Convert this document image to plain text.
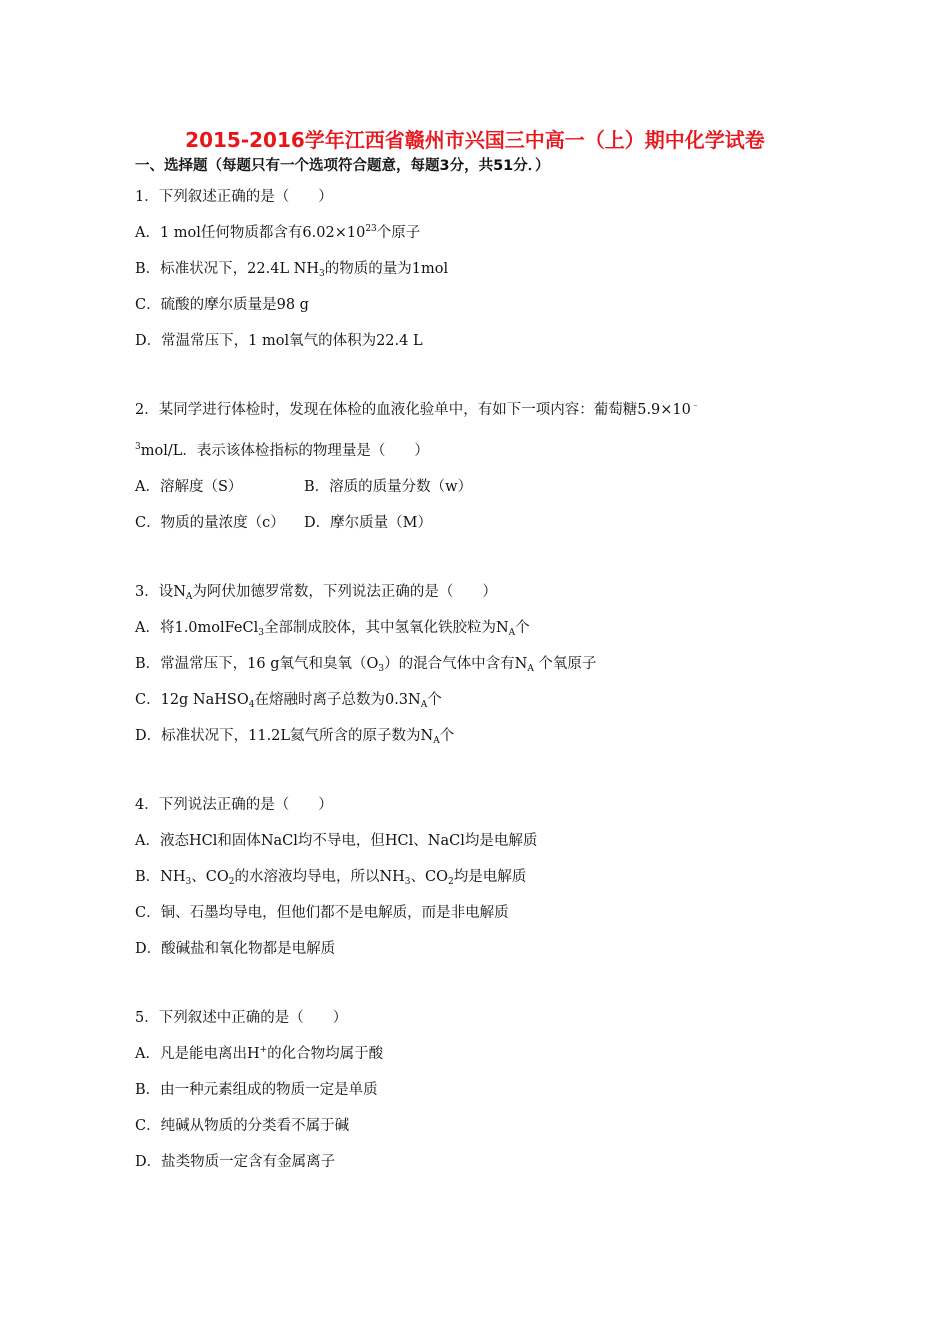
2015-2016学年江西省赣州市兴国三中高一（上）期中化学试卷

一、选择题（每题只有一个选项符合题意，每题3分，共51分．）

1．下列叙述正确的是（　　）

A．1 mol任何物质都含有$6.02\times 10^{23}$个原子

B．标准状况下，22.4L $NH_3$的物质的量为1mol

C．硫酸的摩尔质量是98 g

D．常温常压下，1 mol氧气的体积为22.4 L

2．某同学进行体检时，发现在体检的血液化验单中，有如下一项内容：葡萄糖5.9×10﹣

$^3$mol/L．表示该体检指标的物理量是（　　）

A．溶解度（S）	B．溶质的质量分数（w）

C．物质的量浓度（c） D．摩尔质量（M）

3．设$N_A$为阿伏加德罗常数，下列说法正确的是（　　）

A．将1.0molFeCl$_3$全部制成胶体，其中氢氧化铁胶粒为$N_A$个

B．常温常压下，16 g氧气和臭氧$(O_3)$的混合气体中含有$N_A$ 个氧原子

C．12g NaHSO$_4$在熔融时离子总数为$0.3N_A$个

D．标准状况下，11.2L氦气所含的原子数为$N_A$个

4．下列说法正确的是（　　）

A．液态HCl和固体NaCl均不导电，但HCl、NaCl均是电解质

B．$NH_3$、$CO_2$的水溶液均导电，所以$NH_3$、$CO_2$均是电解质

C．铜、石墨均导电，但他们都不是电解质，而是非电解质

D．酸碱盐和氧化物都是电解质

5．下列叙述中正确的是（　　）

A．凡是能电离出H+的化合物均属于酸

B．由一种元素组成的物质一定是单质

C．纯碱从物质的分类看不属于碱

D．盐类物质一定含有金属离子
